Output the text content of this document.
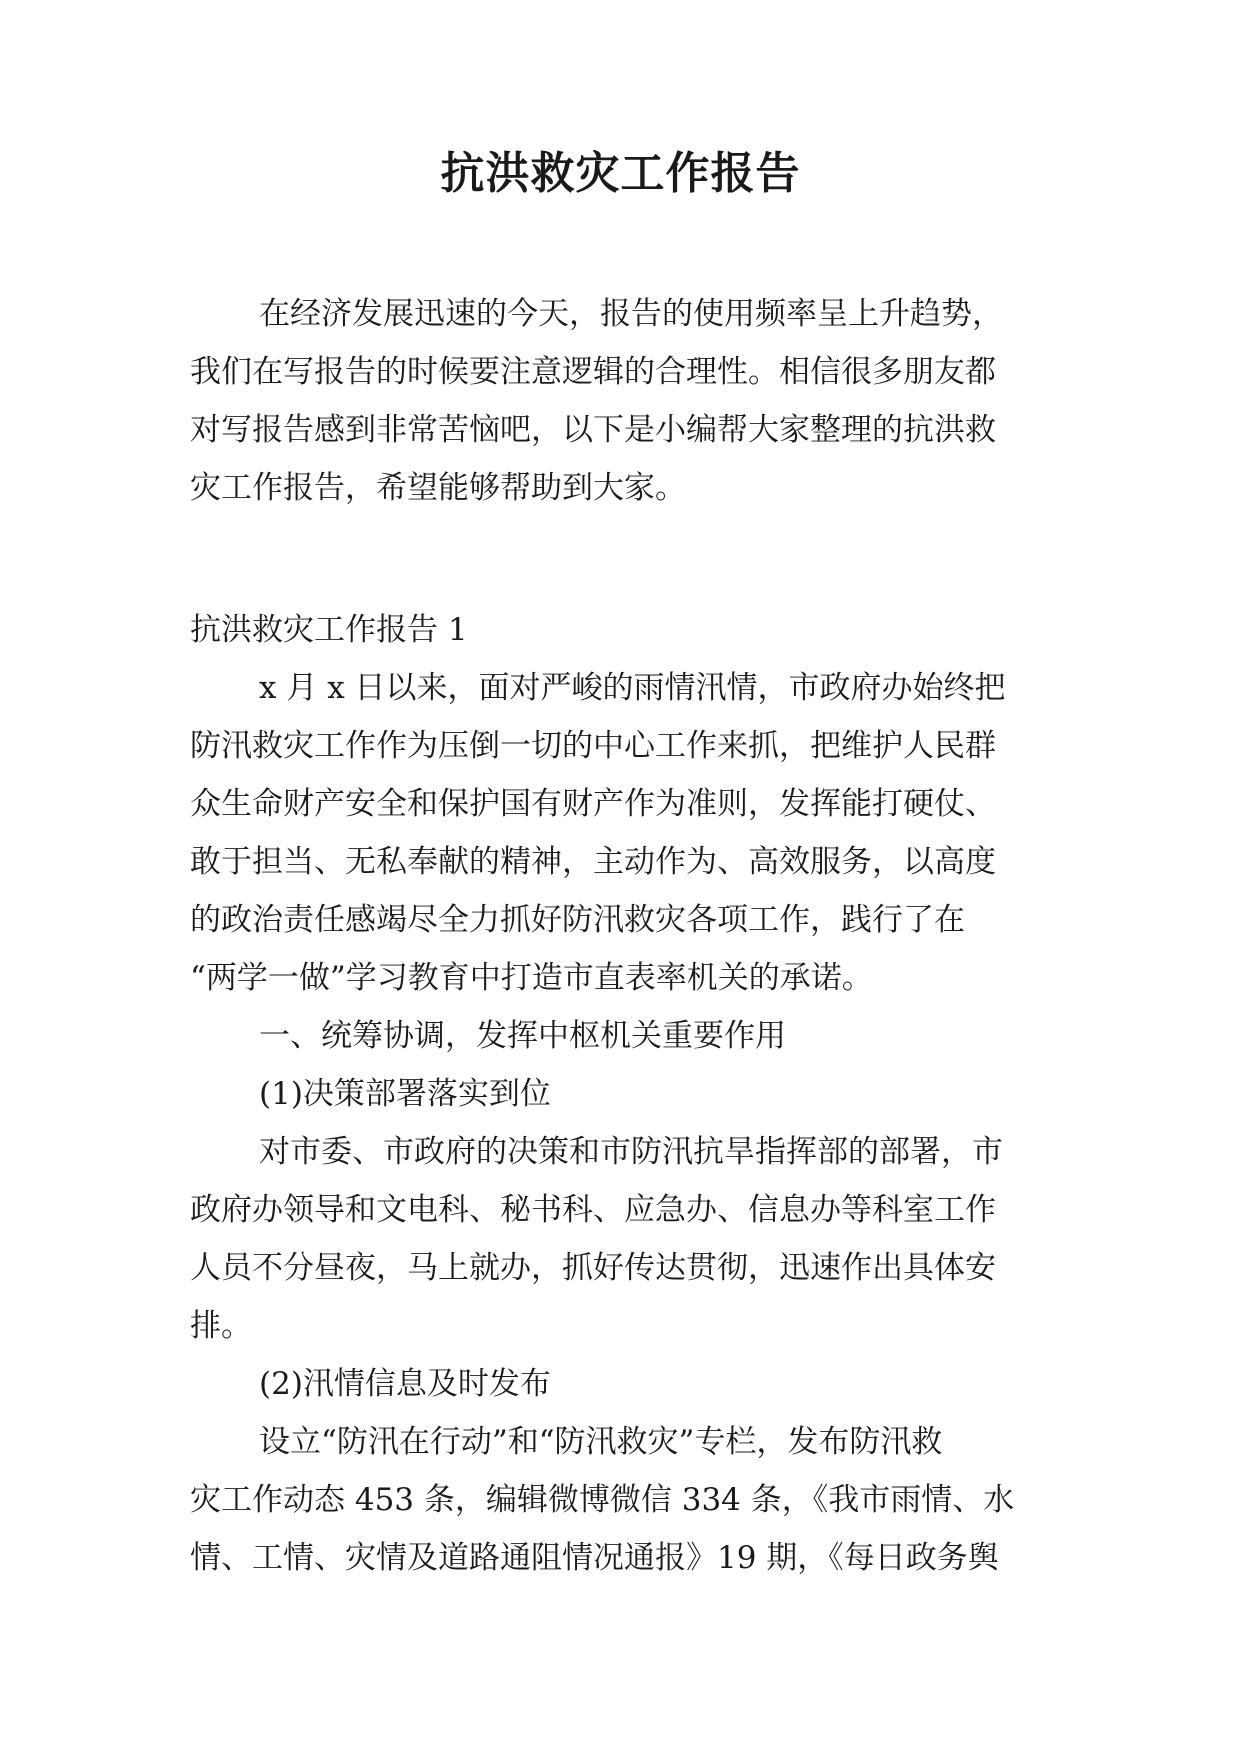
抗洪救灾工作报告
在经济发展迅速的今天，报告的使用频率呈上升趋势，
我们在写报告的时候要注意逻辑的合理性。相信很多朋友都
对写报告感到非常苦恼吧，以下是小编帮大家整理的抗洪救
灾工作报告，希望能够帮助到大家。
抗洪救灾工作报告 1
x 月 x 日以来，面对严峻的雨情汛情，市政府办始终把
防汛救灾工作作为压倒一切的中心工作来抓，把维护人民群
众生命财产安全和保护国有财产作为准则，发挥能打硬仗、
敢于担当、无私奉献的精神，主动作为、高效服务，以高度
的政治责任感竭尽全力抓好防汛救灾各项工作，践行了在
“两学一做”学习教育中打造市直表率机关的承诺。
一、统筹协调，发挥中枢机关重要作用
(1)决策部署落实到位
对市委、市政府的决策和市防汛抗旱指挥部的部署，市
政府办领导和文电科、秘书科、应急办、信息办等科室工作
人员不分昼夜，马上就办，抓好传达贯彻，迅速作出具体安
排。
(2)汛情信息及时发布
设立“防汛在行动”和“防汛救灾”专栏，发布防汛救
灾工作动态 453 条，编辑微博微信 334 条，《我市雨情、水
情、工情、灾情及道路通阻情况通报》19 期，《每日政务舆
